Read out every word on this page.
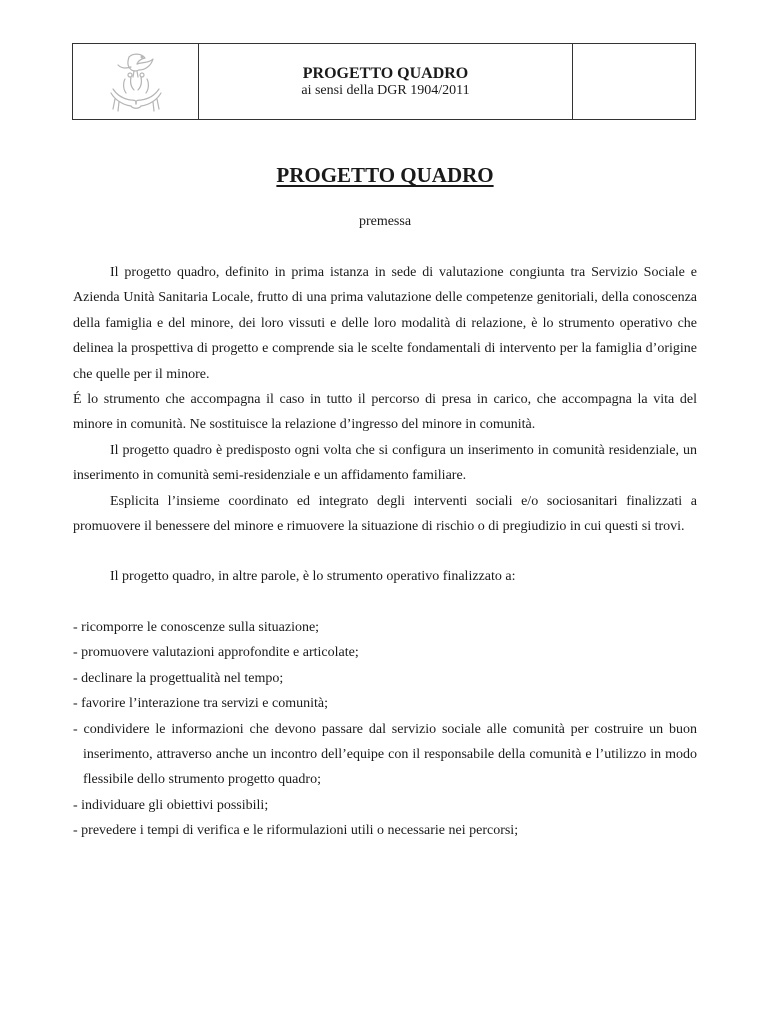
PROGETTO QUADRO
ai sensi della DGR 1904/2011
PROGETTO QUADRO
premessa

Il progetto quadro, definito in prima istanza in sede di valutazione congiunta tra Servizio Sociale e Azienda Unità Sanitaria Locale, frutto di una prima valutazione delle competenze genitoriali, della conoscenza della famiglia e del minore, dei loro vissuti e delle loro modalità di relazione, è lo strumento operativo che delinea la prospettiva di progetto e comprende sia le scelte fondamentali di intervento per la famiglia d’origine che quelle per il minore.

É lo strumento che accompagna il caso in tutto il percorso di presa in carico, che accompagna la vita del minore in comunità. Ne sostituisce la relazione d’ingresso del minore in comunità.

Il progetto quadro è predisposto ogni volta che si configura un inserimento in comunità residenziale, un inserimento in comunità semi-residenziale e un affidamento familiare.

Esplicita l’insieme coordinato ed integrato degli interventi sociali e/o sociosanitari finalizzati a promuovere il benessere del minore e rimuovere la situazione di rischio o di pregiudizio in cui questi si trovi.

Il progetto quadro, in altre parole, è lo strumento operativo finalizzato a:

- ricomporre le conoscenze sulla situazione;

- promuovere valutazioni approfondite e articolate;

- declinare la progettualità nel tempo;

- favorire l’interazione tra servizi e comunità;

- condividere le informazioni che devono passare dal servizio sociale alle comunità per costruire un buon inserimento, attraverso anche un incontro dell’equipe con il responsabile della comunità e l’utilizzo in modo flessibile dello strumento progetto quadro;

- individuare gli obiettivi possibili;

- prevedere i tempi di verifica e le riformulazioni utili o necessarie nei percorsi;
